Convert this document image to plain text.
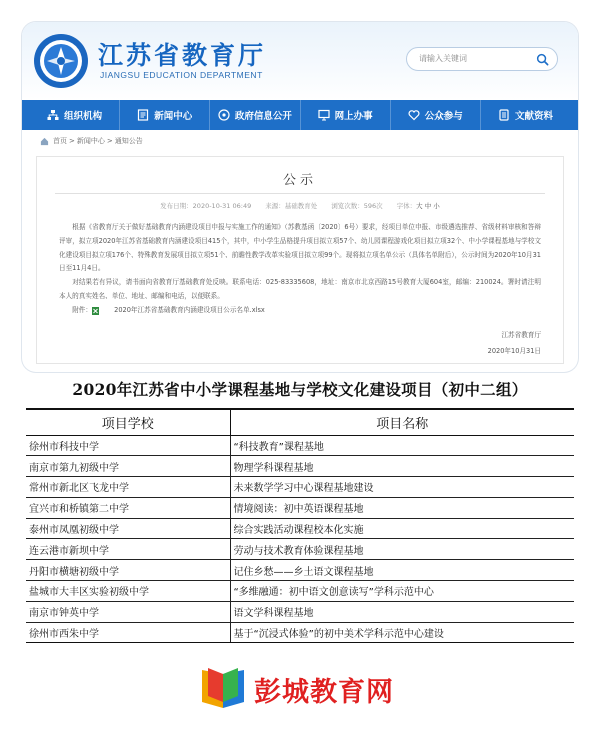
江苏省教育厅
JIANGSU EDUCATION DEPARTMENT
请输入关键词
组织机构	新闻中心	政府信息公开	网上办事	公众参与	文献资料
首页 > 新闻中心 > 通知公告
公示
发布日期：2020-10-31 06:49 来源：基础教育处 浏览次数：596次 字体：大 中 小

根据《省教育厅关于做好基础教育内涵建设项目申报与实施工作的通知》（苏教基函〔2020〕6号）要求，经项目单位申报、市级遴选推荐、省级材料审核和答辩评审，拟立项2020年江苏省基础教育内涵建设项目415个，其中，中小学生品格提升项目拟立项57个、幼儿园课程游戏化项目拟立项32个、中小学课程基地与学校文化建设项目拟立项176个、特殊教育发展项目拟立项51个、前瞻性教学改革实验项目拟立项99个。现将拟立项名单公示（具体名单附后），公示时间为2020年10月31日至11月4日。

对结果若有异议，请书面向省教育厅基础教育处反映。联系电话：025-83335608，地址：南京市北京西路15号教育大厦604室，邮编：210024。署时请注明本人的真实姓名、单位、地址、邮编和电话，以便联系。

附件：	2020年江苏省基础教育内涵建设项目公示名单.xlsx
江苏省教育厅
2020年10月31日
2020年江苏省中小学课程基地与学校文化建设项目（初中二组）
项目学校	项目名称
徐州市科技中学	“科技教育”课程基地
南京市第九初级中学	物理学科课程基地
常州市新北区飞龙中学	未来数学学习中心课程基地建设
宜兴市和桥镇第二中学	情境阅读：初中英语课程基地
泰州市凤凰初级中学	综合实践活动课程校本化实施
连云港市新坝中学	劳动与技术教育体验课程基地
丹阳市横塘初级中学	记住乡愁——乡土语文课程基地
盐城市大丰区实验初级中学	“多维融通：初中语文创意读写”学科示范中心
南京市钟英中学	语文学科课程基地
徐州市西朱中学	基于“沉浸式体验”的初中美术学科示范中心建设
彭城教育网
